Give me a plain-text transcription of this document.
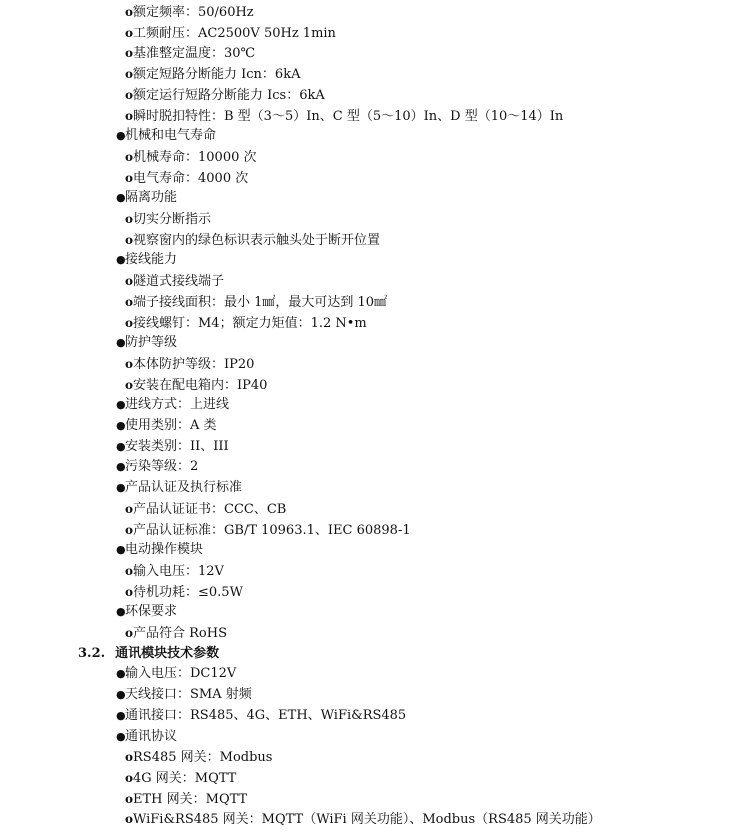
o额定频率：50/60Hz
o工频耐压：AC2500V 50Hz 1min
o基准整定温度：30℃
o额定短路分断能力 Icn：6kA
o额定运行短路分断能力 Ics：6kA
o瞬时脱扣特性：B 型（3～5）In、C 型（5～10）In、D 型（10～14）In
●机械和电气寿命
o机械寿命：10000 次
o电气寿命：4000 次
●隔离功能
o切实分断指示
o视察窗内的绿色标识表示触头处于断开位置
●接线能力
o隧道式接线端子
o端子接线面积：最小 1㎟，最大可达到 10㎟
o接线螺钉：M4；额定力矩值：1.2 N•m
●防护等级
o本体防护等级：IP20
o安装在配电箱内：IP40
●进线方式：上进线
●使用类别：A 类
●安装类别：II、III
●污染等级：2
●产品认证及执行标准
o产品认证证书：CCC、CB
o产品认证标准：GB/T 10963.1、IEC 60898-1
●电动操作模块
o输入电压：12V
o待机功耗：≤0.5W
●环保要求
o产品符合 RoHS
3.2. 通讯模块技术参数
●输入电压：DC12V
●天线接口：SMA 射频
●通讯接口：RS485、4G、ETH、WiFi&RS485
●通讯协议
oRS485 网关：Modbus
o4G 网关：MQTT
oETH 网关：MQTT
oWiFi&RS485 网关：MQTT（WiFi 网关功能）、Modbus（RS485 网关功能）
